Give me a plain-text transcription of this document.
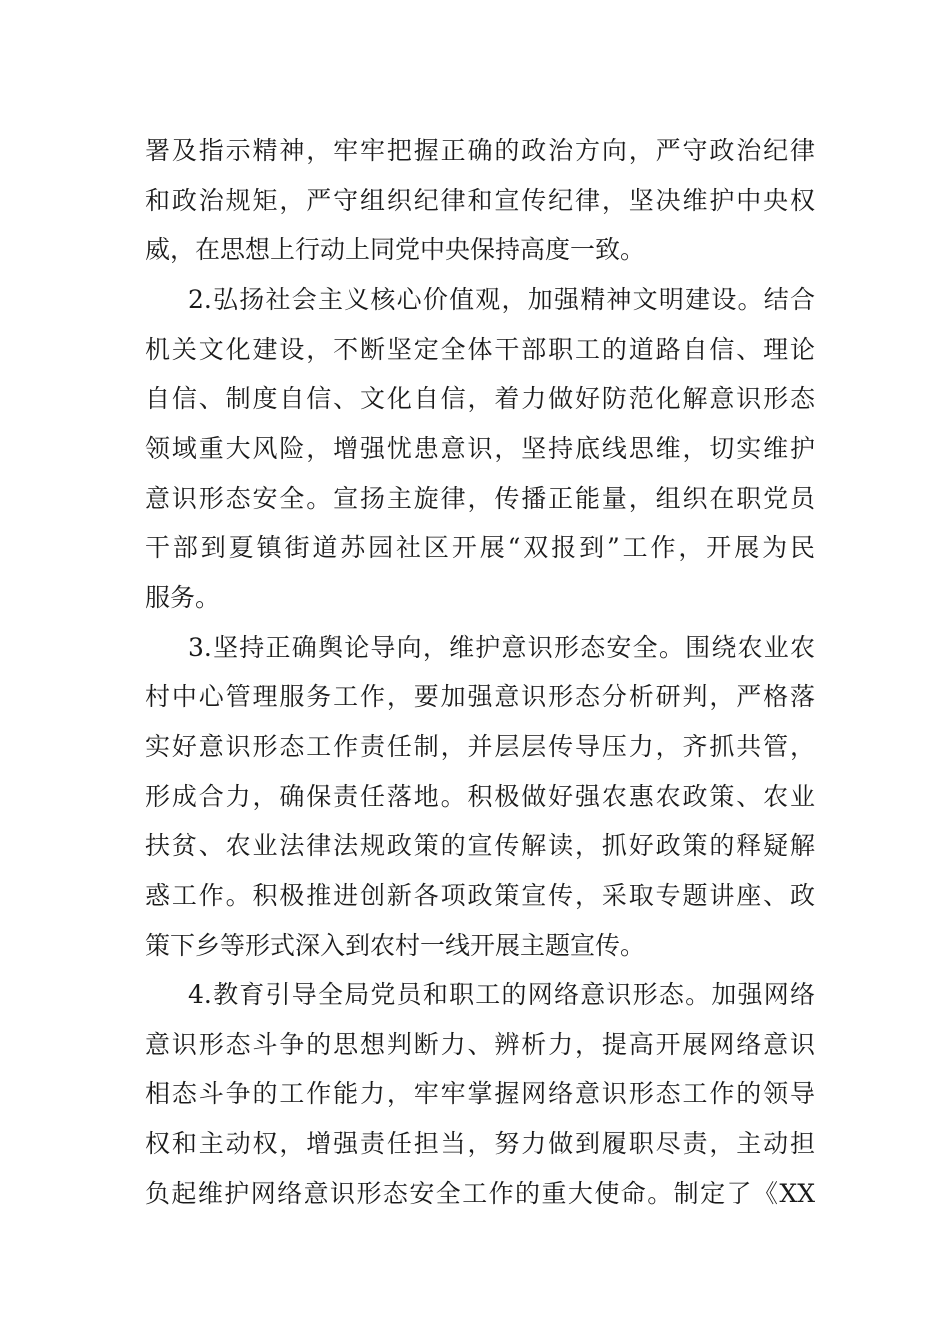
署及指示精神，牢牢把握正确的政治方向，严守政治纪律
和政治规矩，严守组织纪律和宣传纪律，坚决维护中央权
威，在思想上行动上同党中央保持高度一致。
2.弘扬社会主义核心价值观，加强精神文明建设。结合
机关文化建设，不断坚定全体干部职工的道路自信、理论
自信、制度自信、文化自信，着力做好防范化解意识形态
领域重大风险，增强忧患意识，坚持底线思维，切实维护
意识形态安全。宣扬主旋律，传播正能量，组织在职党员
干部到夏镇街道苏园社区开展“双报到”工作，开展为民
服务。
3.坚持正确舆论导向，维护意识形态安全。围绕农业农
村中心管理服务工作，要加强意识形态分析研判，严格落
实好意识形态工作责任制，并层层传导压力，齐抓共管，
形成合力，确保责任落地。积极做好强农惠农政策、农业
扶贫、农业法律法规政策的宣传解读，抓好政策的释疑解
惑工作。积极推进创新各项政策宣传，采取专题讲座、政
策下乡等形式深入到农村一线开展主题宣传。
4.教育引导全局党员和职工的网络意识形态。加强网络
意识形态斗争的思想判断力、辨析力，提高开展网络意识
相态斗争的工作能力，牢牢掌握网络意识形态工作的领导
权和主动权，增强责任担当，努力做到履职尽责，主动担
负起维护网络意识形态安全工作的重大使命。制定了《XX
